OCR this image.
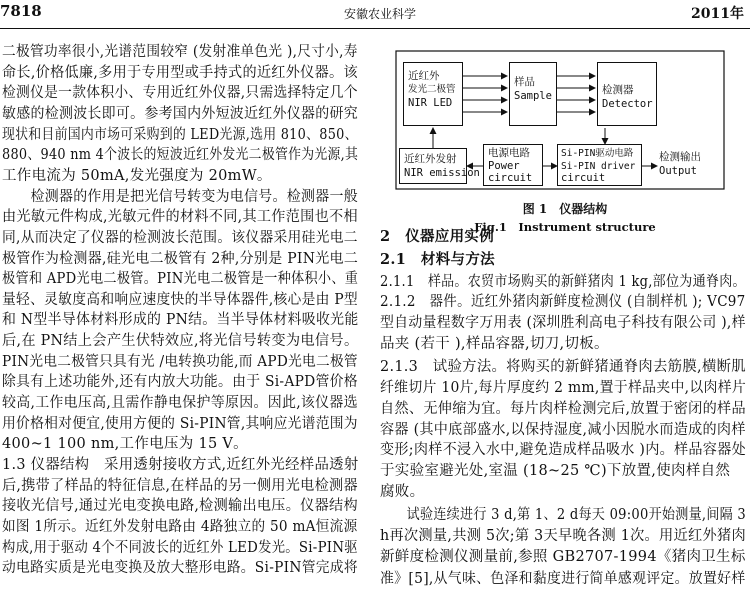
7818	安徽农业科学	2011年
二极管功率很小,光谱范围较窄 (发射准单色光 ),尺寸小,寿
命长,价格低廉,多用于专用型或手持式的近红外仪器。该
检测仪是一款体积小、专用近红外仪器,只需选择特定几个
敏感的检测波长即可。参考国内外短波近红外仪器的研究
现状和目前国内市场可采购到的 LED光源,选用 810、850、
880、940 nm 4个波长的短波近红外发光二极管作为光源,其
工作电流为 50mA,发光强度为 20mW。
　　检测器的作用是把光信号转变为电信号。检测器一般
由光敏元件构成,光敏元件的材料不同,其工作范围也不相
同,从而决定了仪器的检测波长范围。该仪器采用硅光电二
极管作为检测器,硅光电二极管有 2种,分别是 PIN光电二
极管和 APD光电二极管。PIN光电二极管是一种体积小、重
量轻、灵敏度高和响应速度快的半导体器件,核心是由 P型
和 N型半导体材料形成的 PN结。当半导体材料吸收光能
后,在 PN结上会产生伏特效应,将光信号转变为电信号。
PIN光电二极管只具有光 /电转换功能,而 APD光电二极管
除具有上述功能外,还有内放大功能。由于 Si-APD管价格
较高,工作电压高,且需作静电保护等原因。因此,该仪器选
用价格相对便宜,使用方便的 Si-PIN管,其响应光谱范围为
400~1 100 nm,工作电压为 15 V。
1.3 仪器结构　采用透射接收方式,近红外光经样品透射
后,携带了样品的特征信息,在样品的另一侧用光电检测器
接收光信号,通过光电变换电路,检测输出电压。仪器结构
如图 1所示。近红外发射电路由 4路独立的 50 mA恒流源
构成,用于驱动 4个不同波长的近红外 LED发光。Si-PIN驱
动电路实质是光电变换及放大整形电路。Si-PIN管完成将
近红外
发光二极管
NIR LED
样品
Sample	检测器
Detector
近红外发射
NIR emission
电源电路
Power
circuit
Si-PIN驱动电路
Si-PIN driver
circuit
检测输出
Output
图 1　仪器结构
Fig.1　Instrument structure
2　仪器应用实例
2.1　材料与方法
2.1.1　样品。农贸市场购买的新鲜猪肉 1 kg,部位为通脊肉。
2.1.2　器件。近红外猪肉新鲜度检测仪 (自制样机 ); VC97
型自动量程数字万用表 (深圳胜利高电子科技有限公司 ),样
品夹 (若干 ),样品容器,切刀,切板。
2.1.3　试验方法。将购买的新鲜猪通脊肉去筋膜,横断肌
纤维切片 10片,每片厚度约 2 mm,置于样品夹中,以肉样片
自然、无伸缩为宜。每片肉样检测完后,放置于密闭的样品
容器 (其中底部盛水,以保持湿度,减小因脱水而造成的肉样
变形;肉样不浸入水中,避免造成样品吸水 )内。样品容器处
于实验室避光处,室温 (18~25 ℃)下放置,使肉样自然
腐败。
　　试验连续进行 3 d,第 1、2 d每天 09:00开始测量,间隔 3
h再次测量,共测 5次;第 3天早晚各测 1次。用近红外猪肉
新鲜度检测仪测量前,参照 GB2707-1994《猪肉卫生标
准》[5],从气味、色泽和黏度进行简单感观评定。放置好样
